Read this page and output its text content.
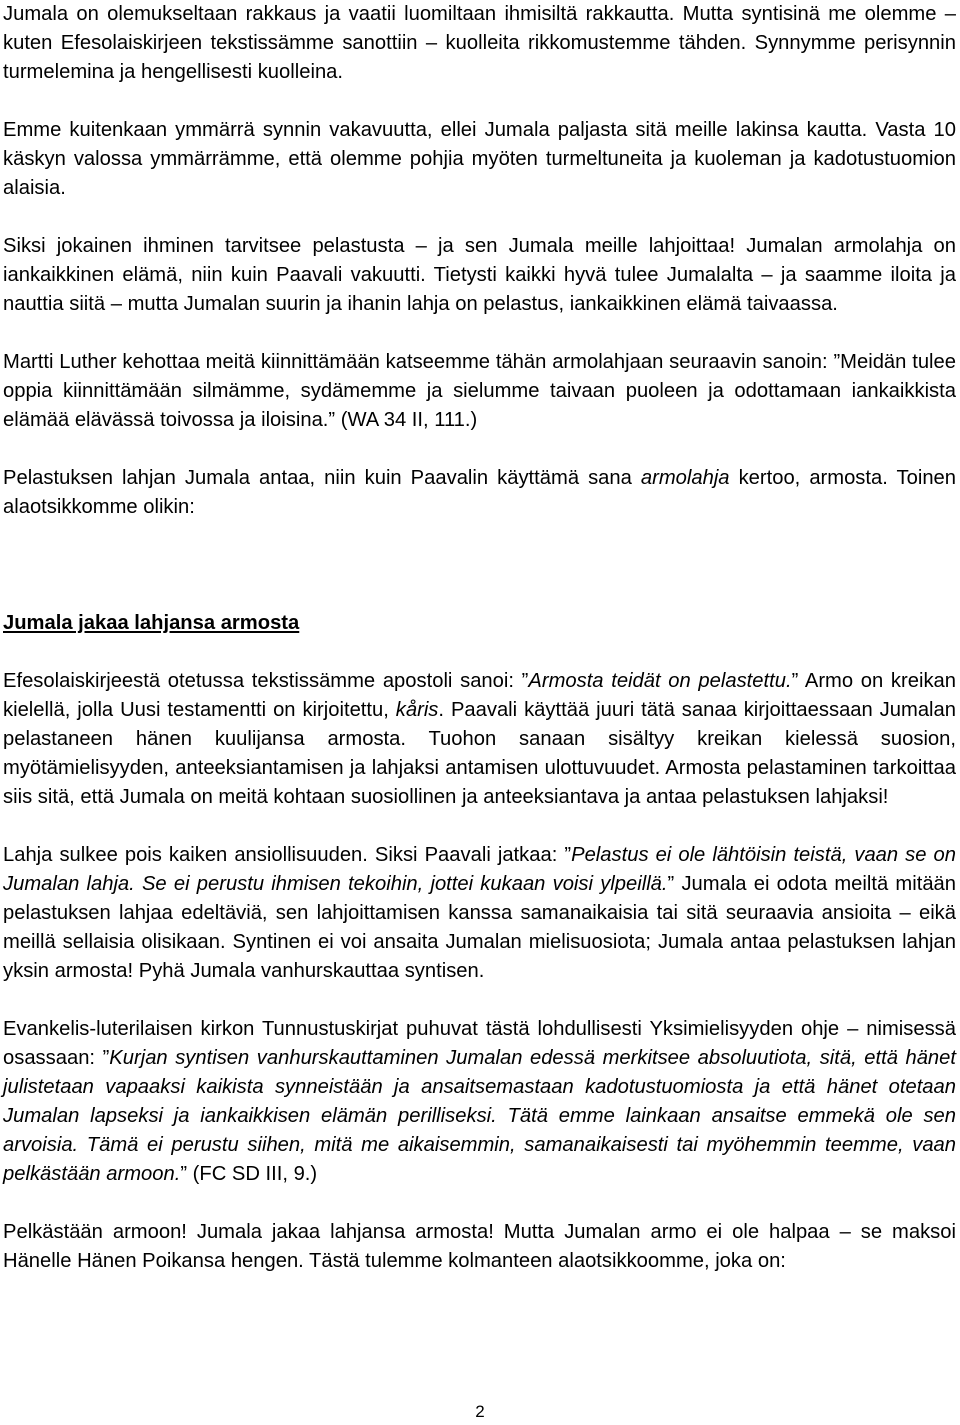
Jumala on olemukseltaan rakkaus ja vaatii luomiltaan ihmisiltä rakkautta. Mutta syntisinä me olemme – kuten Efesolaiskirjeen tekstissämme sanottiin – kuolleita rikkomustemme tähden. Synnymme perisynnin turmelemina ja hengellisesti kuolleina.

Emme kuitenkaan ymmärrä synnin vakavuutta, ellei Jumala paljasta sitä meille lakinsa kautta. Vasta 10 käskyn valossa ymmärrämme, että olemme pohjia myöten turmeltuneita ja kuoleman ja kadotustuomion alaisia.

Siksi jokainen ihminen tarvitsee pelastusta – ja sen Jumala meille lahjoittaa! Jumalan armolahja on iankaikkinen elämä, niin kuin Paavali vakuutti. Tietysti kaikki hyvä tulee Jumalalta – ja saamme iloita ja nauttia siitä – mutta Jumalan suurin ja ihanin lahja on pelastus, iankaikkinen elämä taivaassa.

Martti Luther kehottaa meitä kiinnittämään katseemme tähän armolahjaan seuraavin sanoin: ”Meidän tulee oppia kiinnittämään silmämme, sydämemme ja sielumme taivaan puoleen ja odottamaan iankaikkista elämää elävässä toivossa ja iloisina.” (WA 34 II, 111.)

Pelastuksen lahjan Jumala antaa, niin kuin Paavalin käyttämä sana armolahja kertoo, armosta. Toinen alaotsikkomme olikin:

Jumala jakaa lahjansa armosta

Efesolaiskirjeestä otetussa tekstissämme apostoli sanoi: ”Armosta teidät on pelastettu.” Armo on kreikan kielellä, jolla Uusi testamentti on kirjoitettu, kåris. Paavali käyttää juuri tätä sanaa kirjoittaessaan Jumalan pelastaneen hänen kuulijansa armosta. Tuohon sanaan sisältyy kreikan kielessä suosion, myötämielisyyden, anteeksiantamisen ja lahjaksi antamisen ulottuvuudet. Armosta pelastaminen tarkoittaa siis sitä, että Jumala on meitä kohtaan suosiollinen ja anteeksiantava ja antaa pelastuksen lahjaksi!

Lahja sulkee pois kaiken ansiollisuuden. Siksi Paavali jatkaa: ”Pelastus ei ole lähtöisin teistä, vaan se on Jumalan lahja. Se ei perustu ihmisen tekoihin, jottei kukaan voisi ylpeillä.” Jumala ei odota meiltä mitään pelastuksen lahjaa edeltäviä, sen lahjoittamisen kanssa samanaikaisia tai sitä seuraavia ansioita – eikä meillä sellaisia olisikaan. Syntinen ei voi ansaita Jumalan mielisuosiota; Jumala antaa pelastuksen lahjan yksin armosta! Pyhä Jumala vanhurskauttaa syntisen.

Evankelis-luterilaisen kirkon Tunnustuskirjat puhuvat tästä lohdullisesti Yksimielisyyden ohje – nimisessä osassaan: ”Kurjan syntisen vanhurskauttaminen Jumalan edessä merkitsee absoluutiota, sitä, että hänet julistetaan vapaaksi kaikista synneistään ja ansaitsemastaan kadotustuomiosta ja että hänet otetaan Jumalan lapseksi ja iankaikkisen elämän perilliseksi. Tätä emme lainkaan ansaitse emmekä ole sen arvoisia. Tämä ei perustu siihen, mitä me aikaisemmin, samanaikaisesti tai myöhemmin teemme, vaan pelkästään armoon.” (FC SD III, 9.)

Pelkästään armoon! Jumala jakaa lahjansa armosta! Mutta Jumalan armo ei ole halpaa – se maksoi Hänelle Hänen Poikansa hengen. Tästä tulemme kolmanteen alaotsikkoomme, joka on:

2
